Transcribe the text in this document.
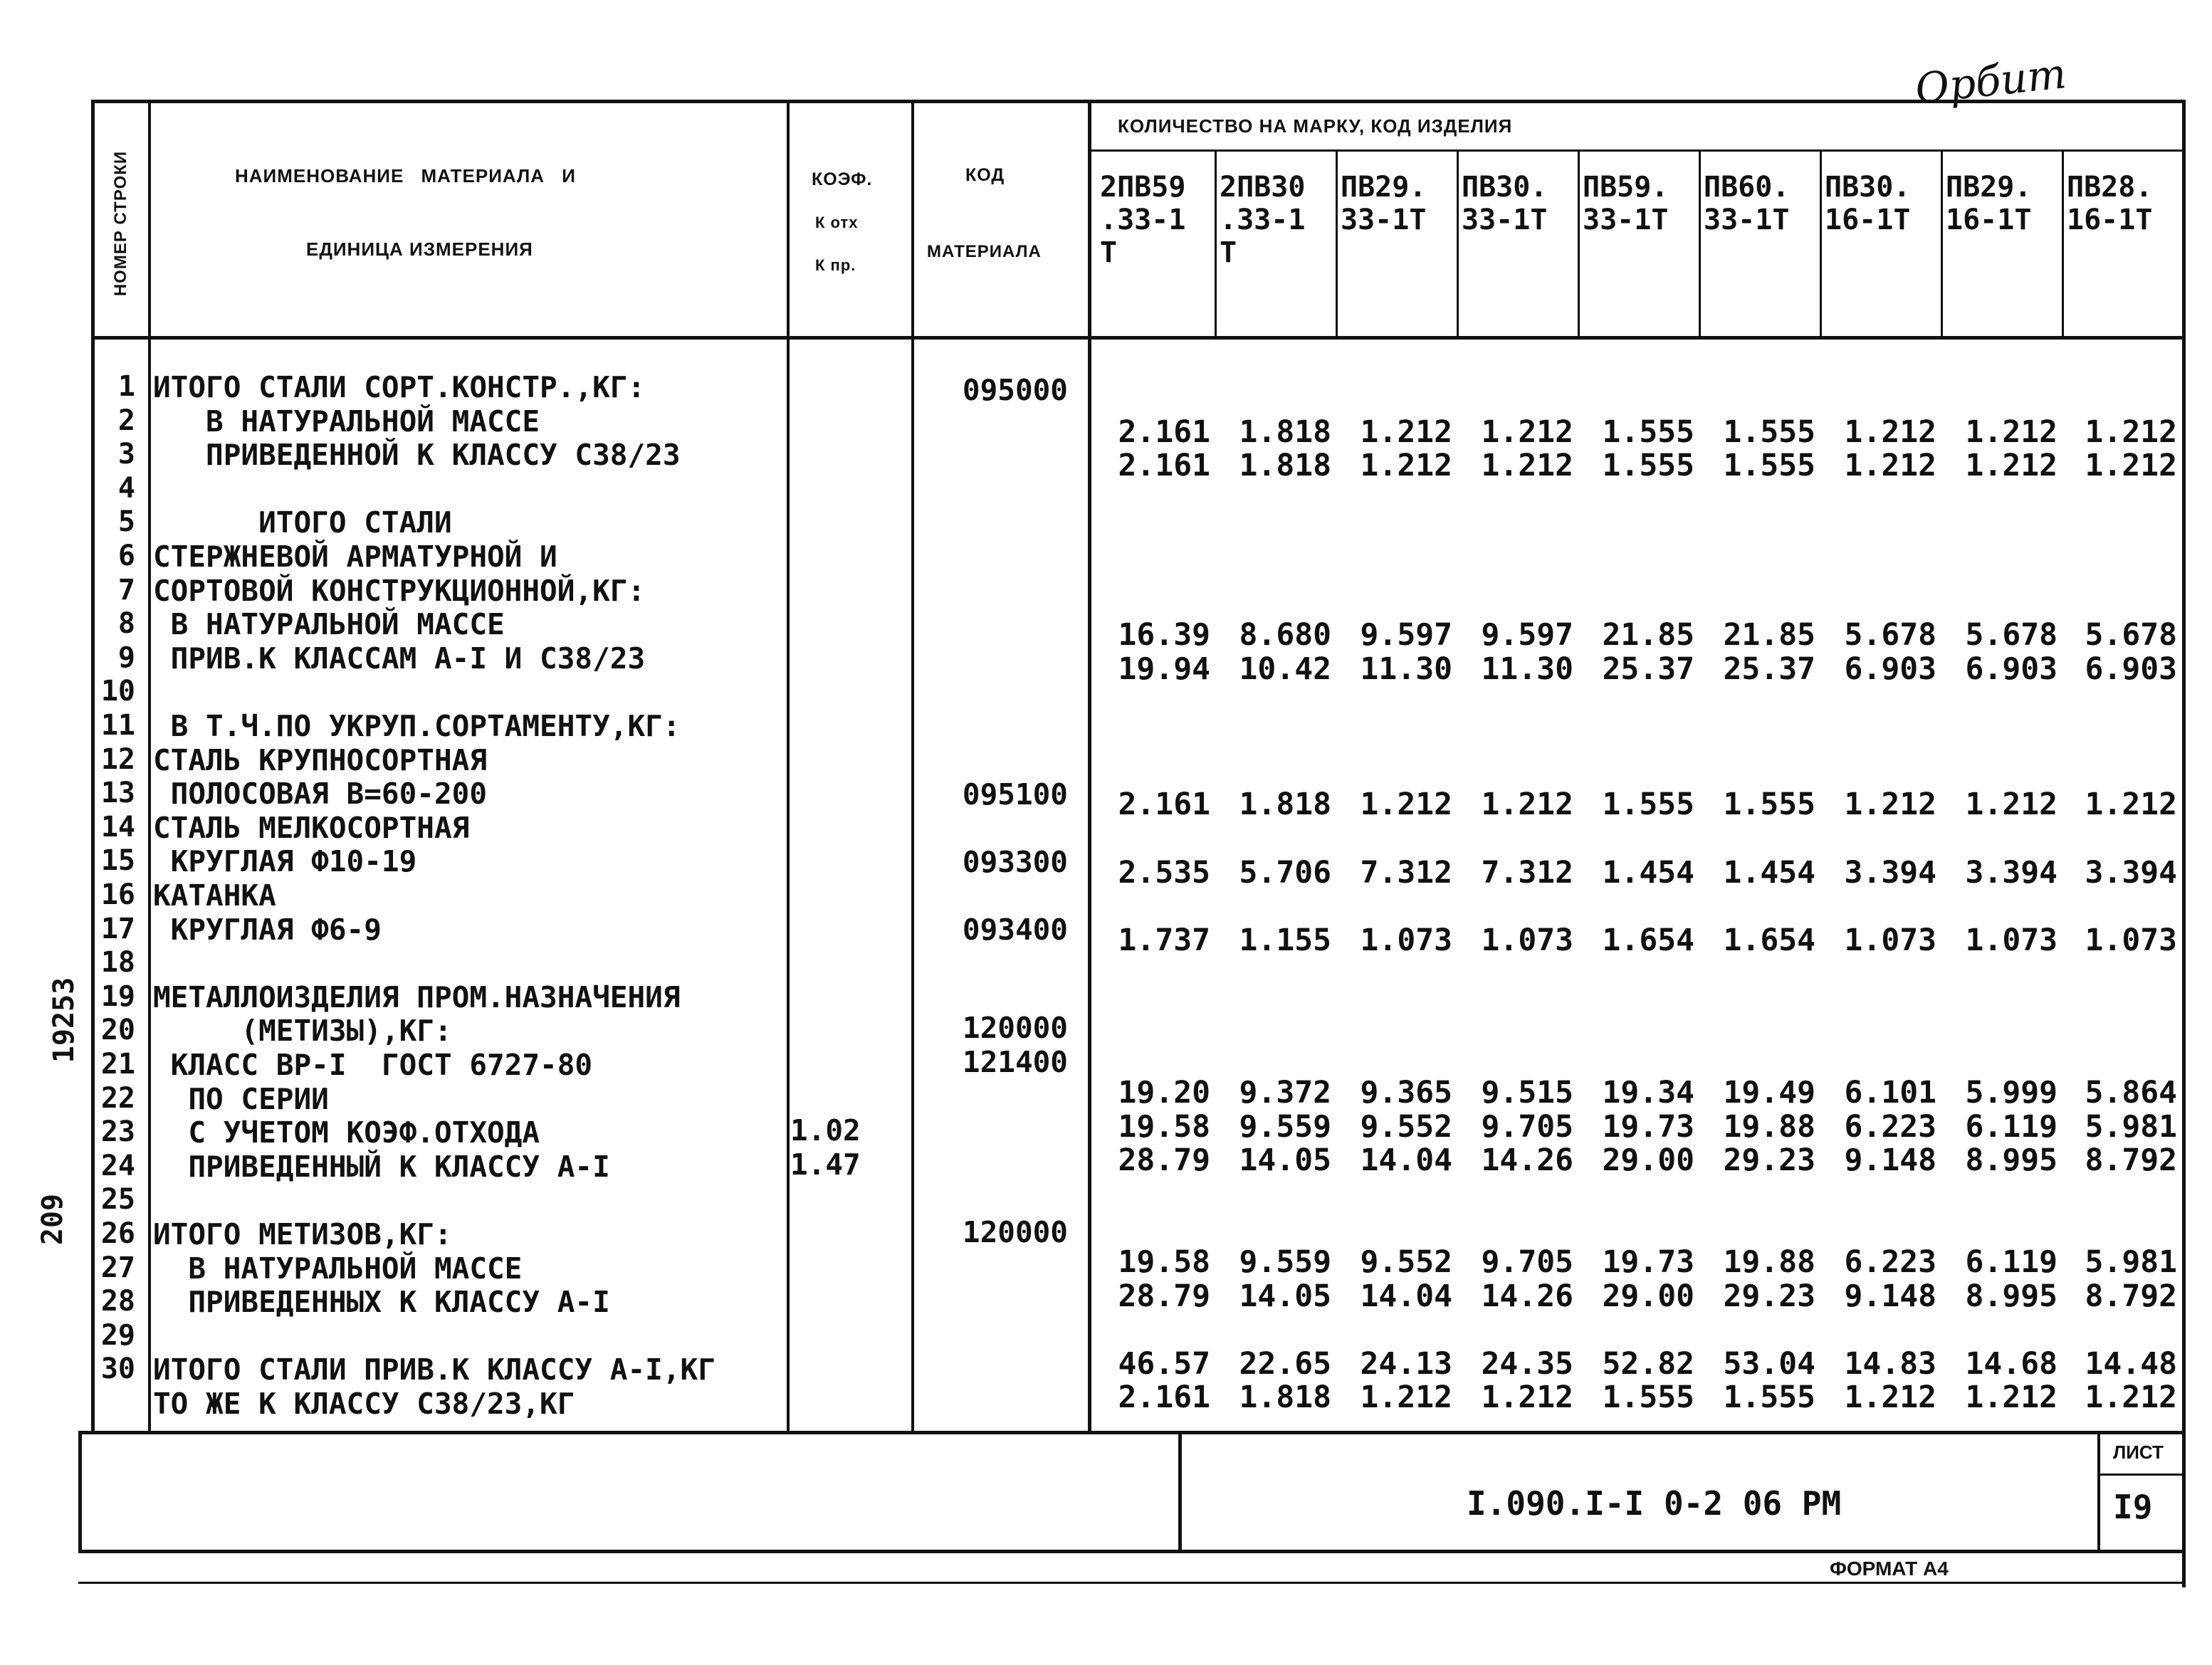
Орбит
НОМЕР СТРОКИ	НАИМЕНОВАНИЕ МАТЕРИАЛА И
ЕДИНИЦА ИЗМЕРЕНИЯ
КОЭФ.
К отх
К пр.
КОД
МАТЕРИАЛА
КОЛИЧЕСТВО НА МАРКУ, КОД ИЗДЕЛИЯ
2ПВ59
.33-1
Т
2ПВ30
.33-1
Т
ПВ29.
33-1Т
ПВ30.
33-1Т
ПВ59.
33-1Т
ПВ60.
33-1Т
ПВ30.
16-1Т
ПВ29.
16-1Т
ПВ28.
16-1Т
1
2
3
4
5
6
7
8
9
10
11
12
13
14
15
16
17
18
19
20
21
22
23
24
25
26
27
28
29
30
ИТОГО СТАЛИ СОРТ.КОНСТР.,КГ:
В НАТУРАЛЬНОЙ МАССЕ
ПРИВЕДЕННОЙ К КЛАССУ С38/23
ИТОГО СТАЛИ
СТЕРЖНЕВОЙ АРМАТУРНОЙ И
СОРТОВОЙ КОНСТРУКЦИОННОЙ,КГ:
В НАТУРАЛЬНОЙ МАССЕ
ПРИВ.К КЛАССАМ А-I И С38/23
В Т.Ч.ПО УКРУП.СОРТАМЕНТУ,КГ:
СТАЛЬ КРУПНОСОРТНАЯ
ПОЛОСОВАЯ В=60-200
СТАЛЬ МЕЛКОСОРТНАЯ
КРУГЛАЯ Ф10-19
КАТАНКА
КРУГЛАЯ Ф6-9
МЕТАЛЛОИЗДЕЛИЯ ПРОМ.НАЗНАЧЕНИЯ
(МЕТИЗЫ),КГ:
КЛАСС ВР-I  ГОСТ 6727-80
ПО СЕРИИ
С УЧЕТОМ КОЭФ.ОТХОДА
ПРИВЕДЕННЫЙ К КЛАССУ А-I
ИТОГО МЕТИЗОВ,КГ:
В НАТУРАЛЬНОЙ МАССЕ
ПРИВЕДЕННЫХ К КЛАССУ А-I
ИТОГО СТАЛИ ПРИВ.К КЛАССУ А-I,КГ
ТО ЖЕ К КЛАССУ С38/23,КГ
1.02
1.47
095000
095100
093300
093400
120000
121400
120000
2.161 1.818 1.212 1.212 1.555 1.555 1.212 1.212 1.212
2.161 1.818 1.212 1.212 1.555 1.555 1.212 1.212 1.212
16.39 8.680 9.597 9.597 21.85 21.85 5.678 5.678 5.678
19.94 10.42 11.30 11.30 25.37 25.37 6.903 6.903 6.903
2.161 1.818 1.212 1.212 1.555 1.555 1.212 1.212 1.212
2.535 5.706 7.312 7.312 1.454 1.454 3.394 3.394 3.394
1.737 1.155 1.073 1.073 1.654 1.654 1.073 1.073 1.073
19.20 9.372 9.365 9.515 19.34 19.49 6.101 5.999 5.864
19.58 9.559 9.552 9.705 19.73 19.88 6.223 6.119 5.981
28.79 14.05 14.04 14.26 29.00 29.23 9.148 8.995 8.792
19.58 9.559 9.552 9.705 19.73 19.88 6.223 6.119 5.981
28.79 14.05 14.04 14.26 29.00 29.23 9.148 8.995 8.792
46.57 22.65 24.13 24.35 52.82 53.04 14.83 14.68 14.48
2.161 1.818 1.212 1.212 1.555 1.555 1.212 1.212 1.212
19253
209
I.090.I-I 0-2 06 РМ
ЛИСТ
I9
ФОРМАТ А4
